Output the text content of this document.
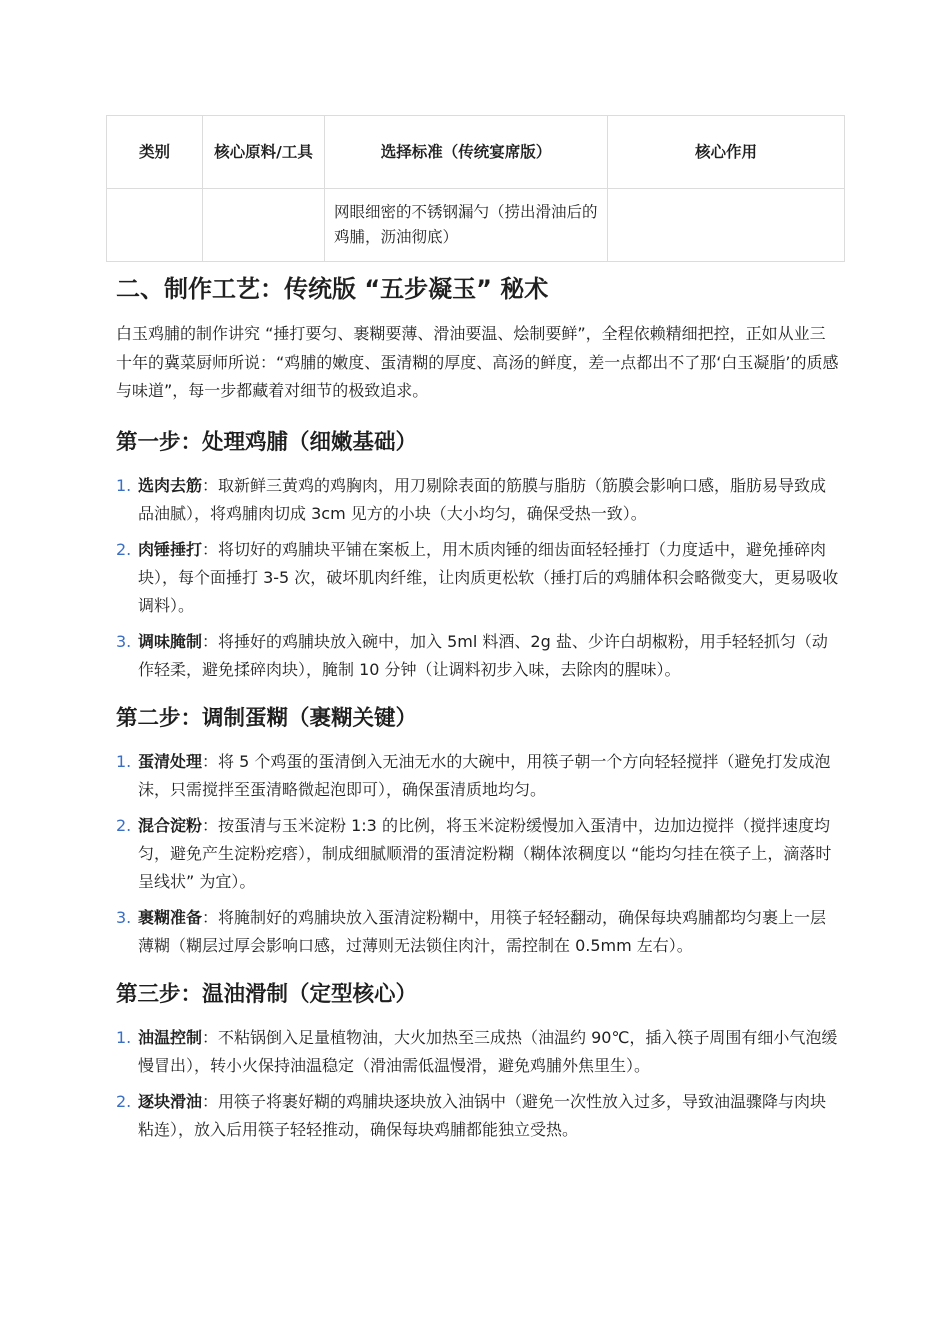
类别	核心原料/工具	选择标准（传统宴席版）	核心作用
		网眼细密的不锈钢漏勺（捞出滑油后的鸡脯，沥油彻底）	
二、制作工艺：传统版 “五步凝玉” 秘术

白玉鸡脯的制作讲究 “捶打要匀、裹糊要薄、滑油要温、烩制要鲜”，全程依赖精细把控，正如从业三十年的冀菜厨师所说：“鸡脯的嫩度、蛋清糊的厚度、高汤的鲜度，差一点都出不了那‘白玉凝脂’的质感与味道”，每一步都藏着对细节的极致追求。

第一步：处理鸡脯（细嫩基础）
1. 选肉去筋：取新鲜三黄鸡的鸡胸肉，用刀剔除表面的筋膜与脂肪（筋膜会影响口感，脂肪易导致成品油腻），将鸡脯肉切成 3cm 见方的小块（大小均匀，确保受热一致）。
2. 肉锤捶打：将切好的鸡脯块平铺在案板上，用木质肉锤的细齿面轻轻捶打（力度适中，避免捶碎肉块），每个面捶打 3-5 次，破坏肌肉纤维，让肉质更松软（捶打后的鸡脯体积会略微变大，更易吸收调料）。
3. 调味腌制：将捶好的鸡脯块放入碗中，加入 5ml 料酒、2g 盐、少许白胡椒粉，用手轻轻抓匀（动作轻柔，避免揉碎肉块），腌制 10 分钟（让调料初步入味，去除肉的腥味）。
第二步：调制蛋糊（裹糊关键）
1. 蛋清处理：将 5 个鸡蛋的蛋清倒入无油无水的大碗中，用筷子朝一个方向轻轻搅拌（避免打发成泡沫，只需搅拌至蛋清略微起泡即可），确保蛋清质地均匀。
2. 混合淀粉：按蛋清与玉米淀粉 1:3 的比例，将玉米淀粉缓慢加入蛋清中，边加边搅拌（搅拌速度均匀，避免产生淀粉疙瘩），制成细腻顺滑的蛋清淀粉糊（糊体浓稠度以 “能均匀挂在筷子上，滴落时呈线状” 为宜）。
3. 裹糊准备：将腌制好的鸡脯块放入蛋清淀粉糊中，用筷子轻轻翻动，确保每块鸡脯都均匀裹上一层薄糊（糊层过厚会影响口感，过薄则无法锁住肉汁，需控制在 0.5mm 左右）。
第三步：温油滑制（定型核心）
1. 油温控制：不粘锅倒入足量植物油，大火加热至三成热（油温约 90℃，插入筷子周围有细小气泡缓慢冒出），转小火保持油温稳定（滑油需低温慢滑，避免鸡脯外焦里生）。
2. 逐块滑油：用筷子将裹好糊的鸡脯块逐块放入油锅中（避免一次性放入过多，导致油温骤降与肉块粘连），放入后用筷子轻轻推动，确保每块鸡脯都能独立受热。
